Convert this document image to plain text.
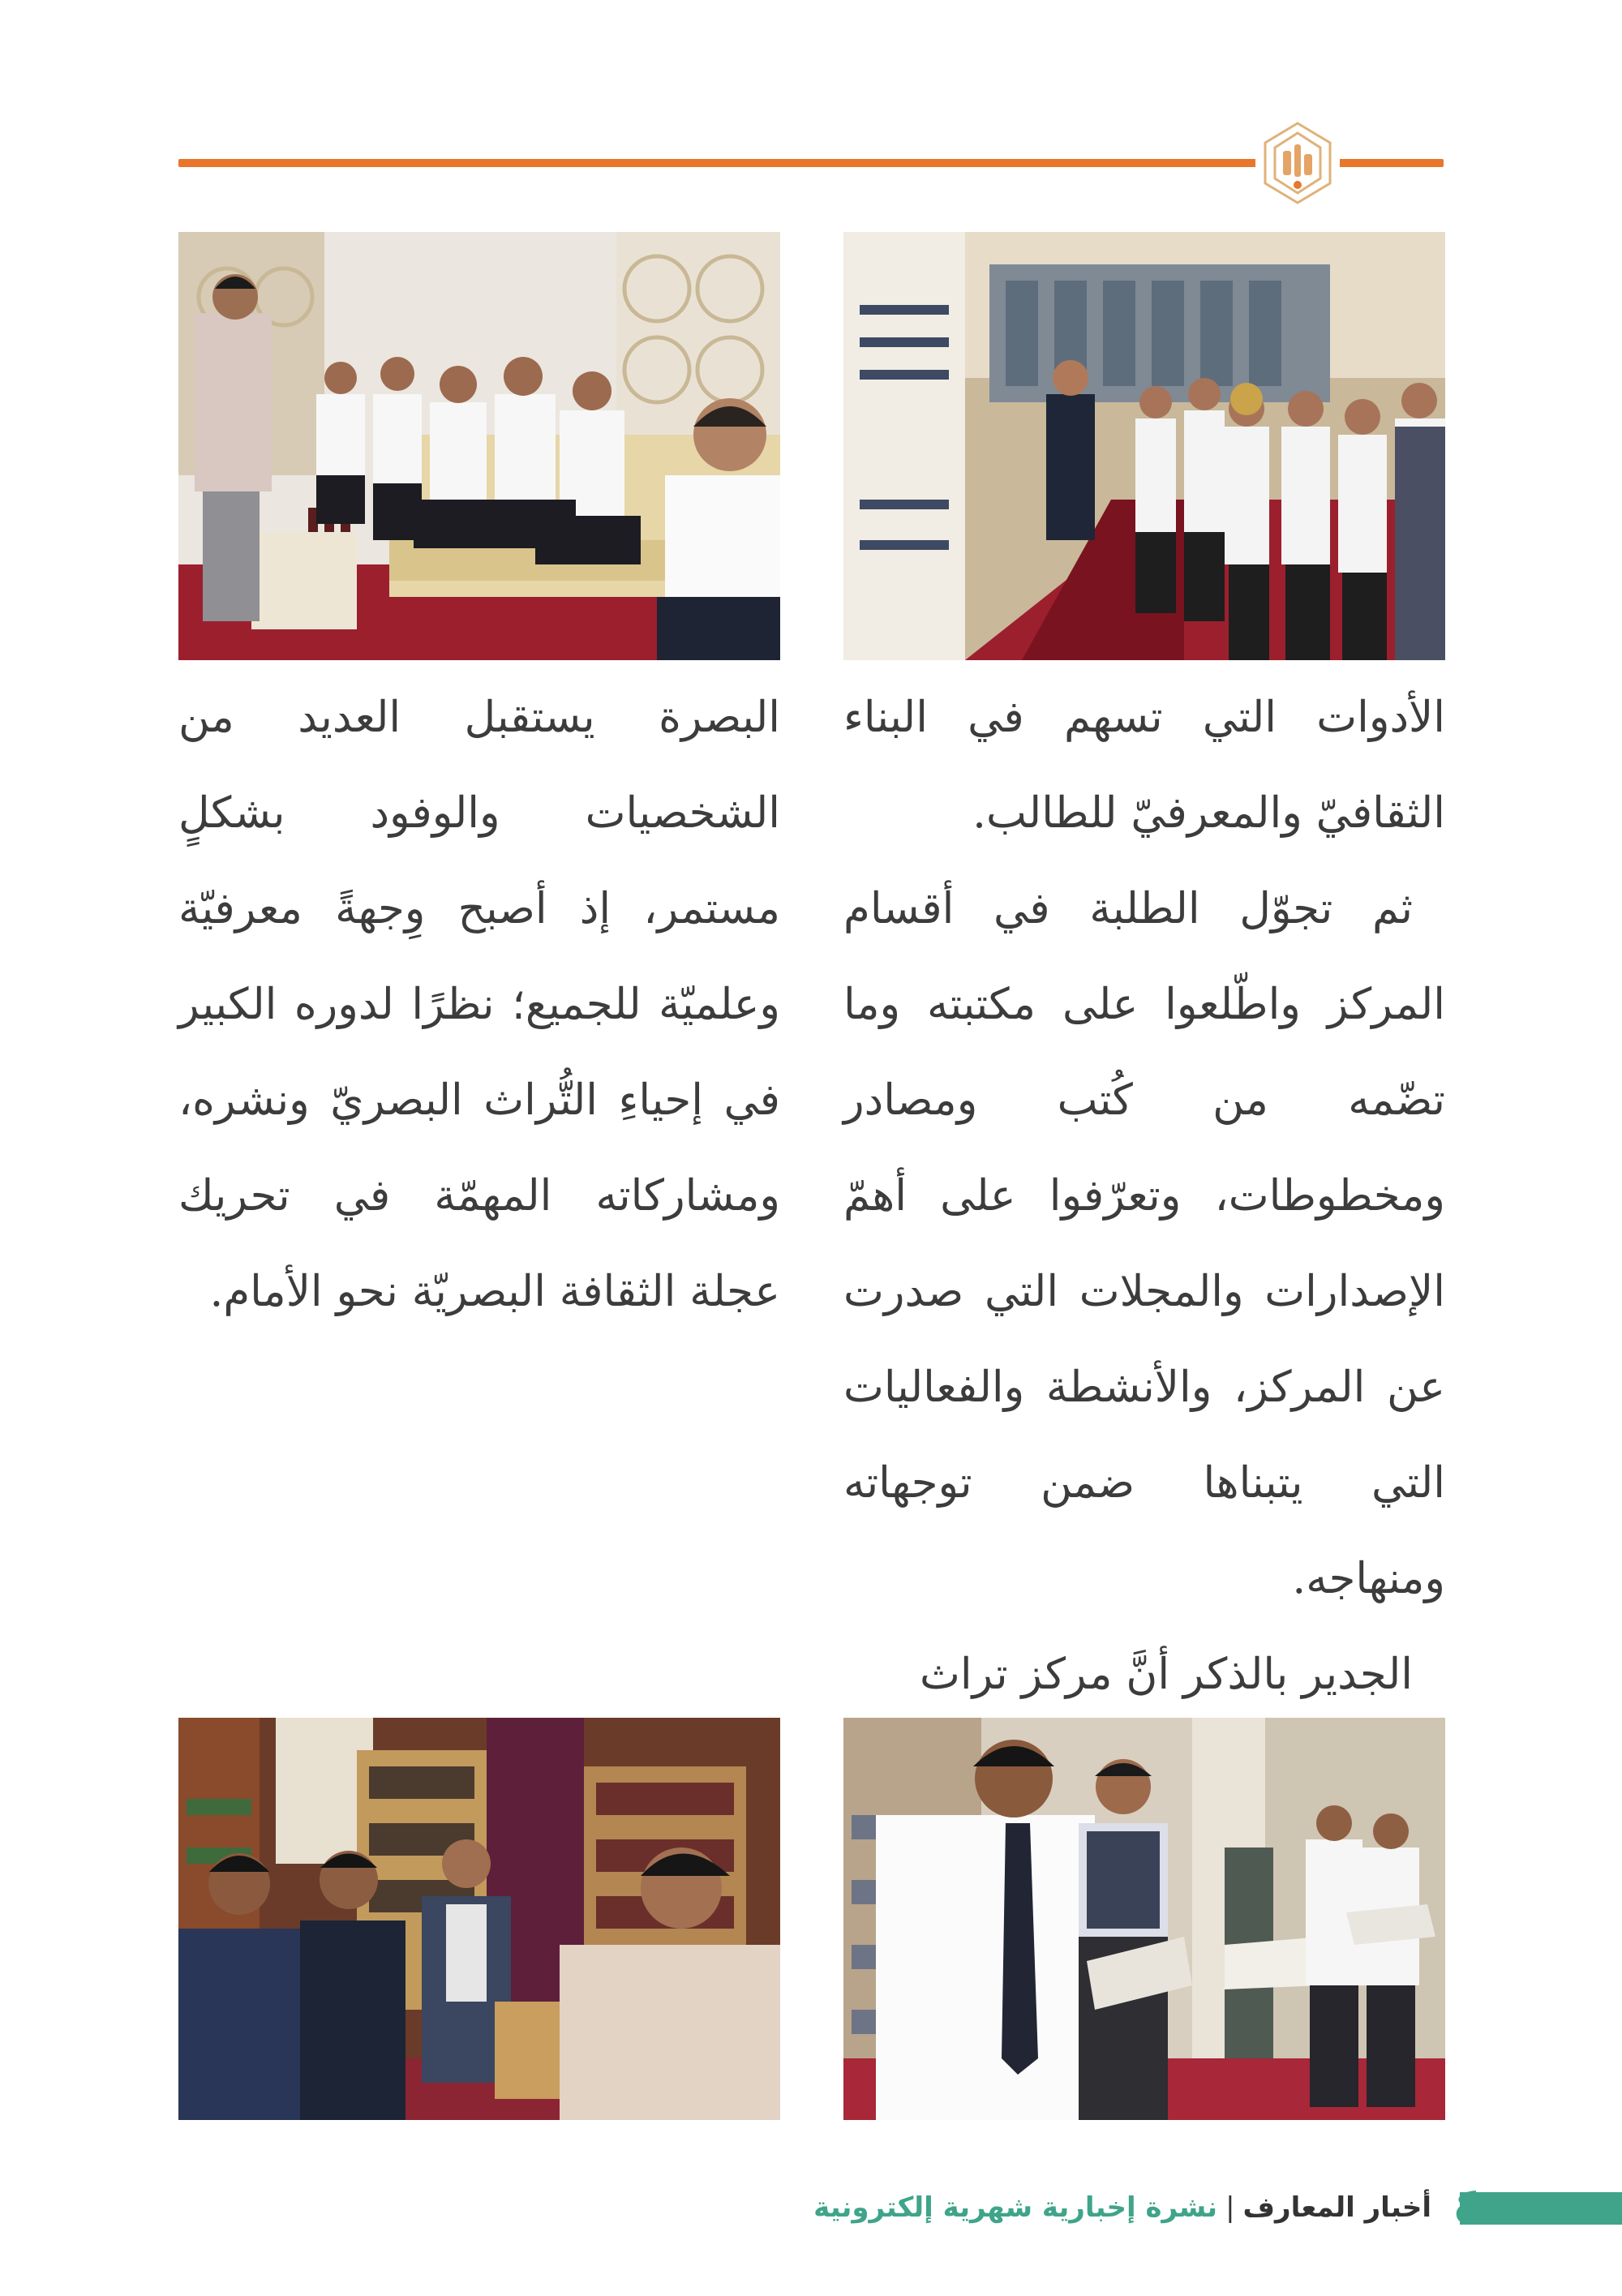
الأدوات التي تسهم في البناء الثقافيّ والمعرفيّ للطالب.

ثم تجوّل الطلبة في أقسام المركز واطّلعوا على مكتبته وما تضّمه من كُتب ومصادر ومخطوطات، وتعرّفوا على أهمّ الإصدارات والمجلات التي صدرت عن المركز، والأنشطة والفعاليات التي يتبناها ضمن توجهاته ومنهاجه.

الجدير بالذكر أنَّ مركز تراث

البصرة يستقبل العديد من الشخصيات والوفود بشكلٍ مستمر، إذ أصبح وِجهةً معرفيّة وعلميّة للجميع؛ نظرًا لدوره الكبير في إحياءِ التُّراث البصريّ ونشره، ومشاركاته المهمّة في تحريك عجلة الثقافة البصريّة نحو الأمام.

٤
أخبار المعارف|نشرة إخبارية شهرية إلكترونية
